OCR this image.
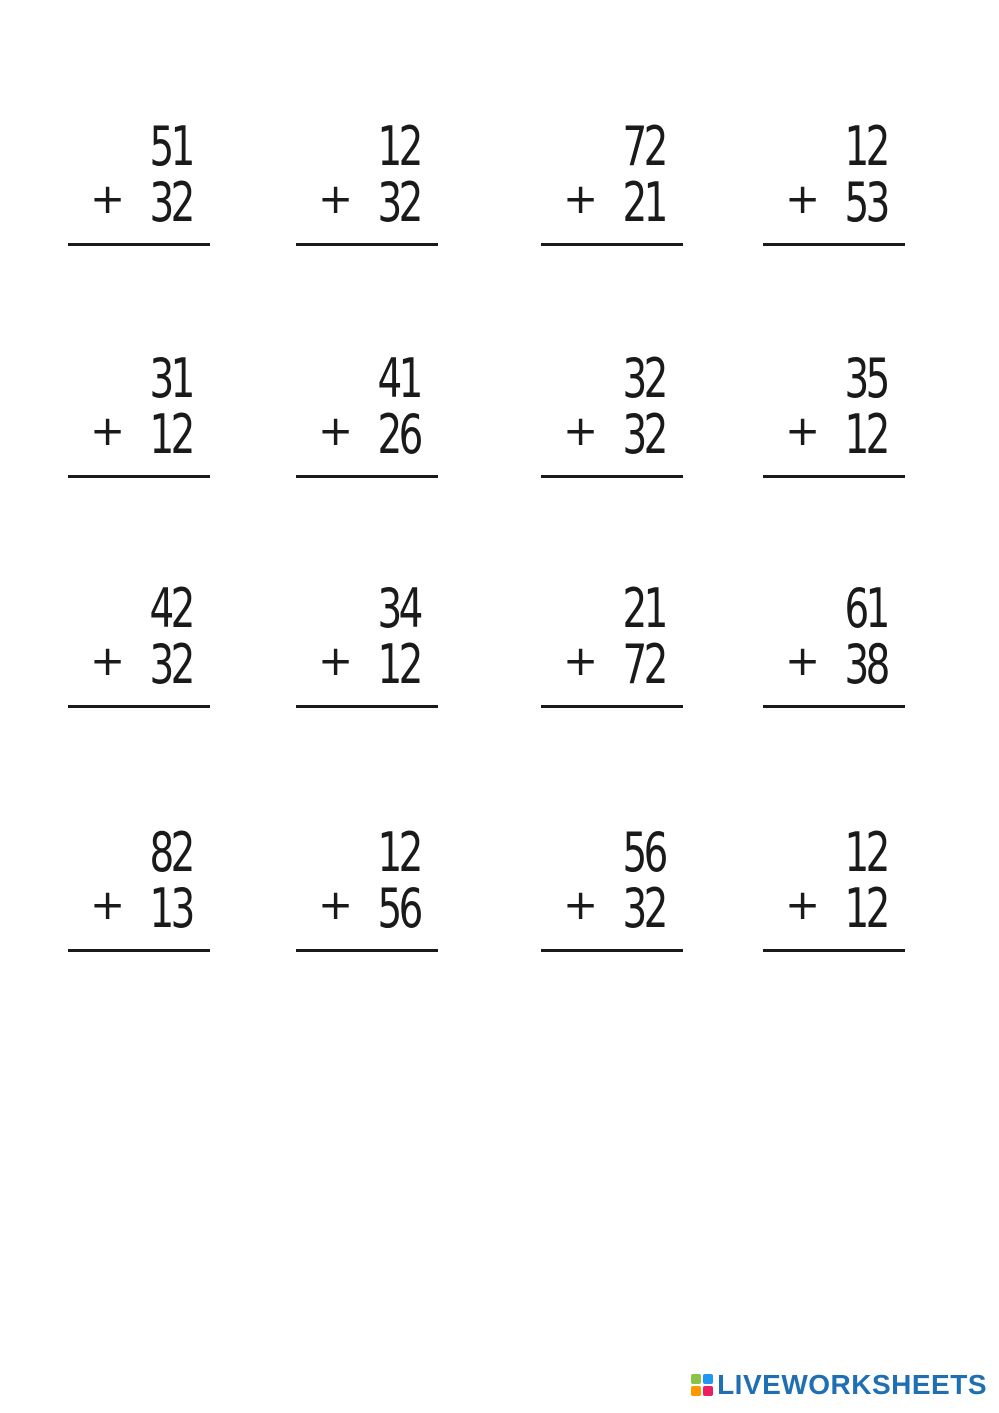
51
+ 32
12
+ 32
72
+ 21
12
+ 53
31
+ 12
41
+ 26
32
+ 32
35
+ 12
42
+ 32
34
+ 12
21
+ 72
61
+ 38
82
+ 13
12
+ 56
56
+ 32
12
+ 12
LIVEWORKSHEETS
